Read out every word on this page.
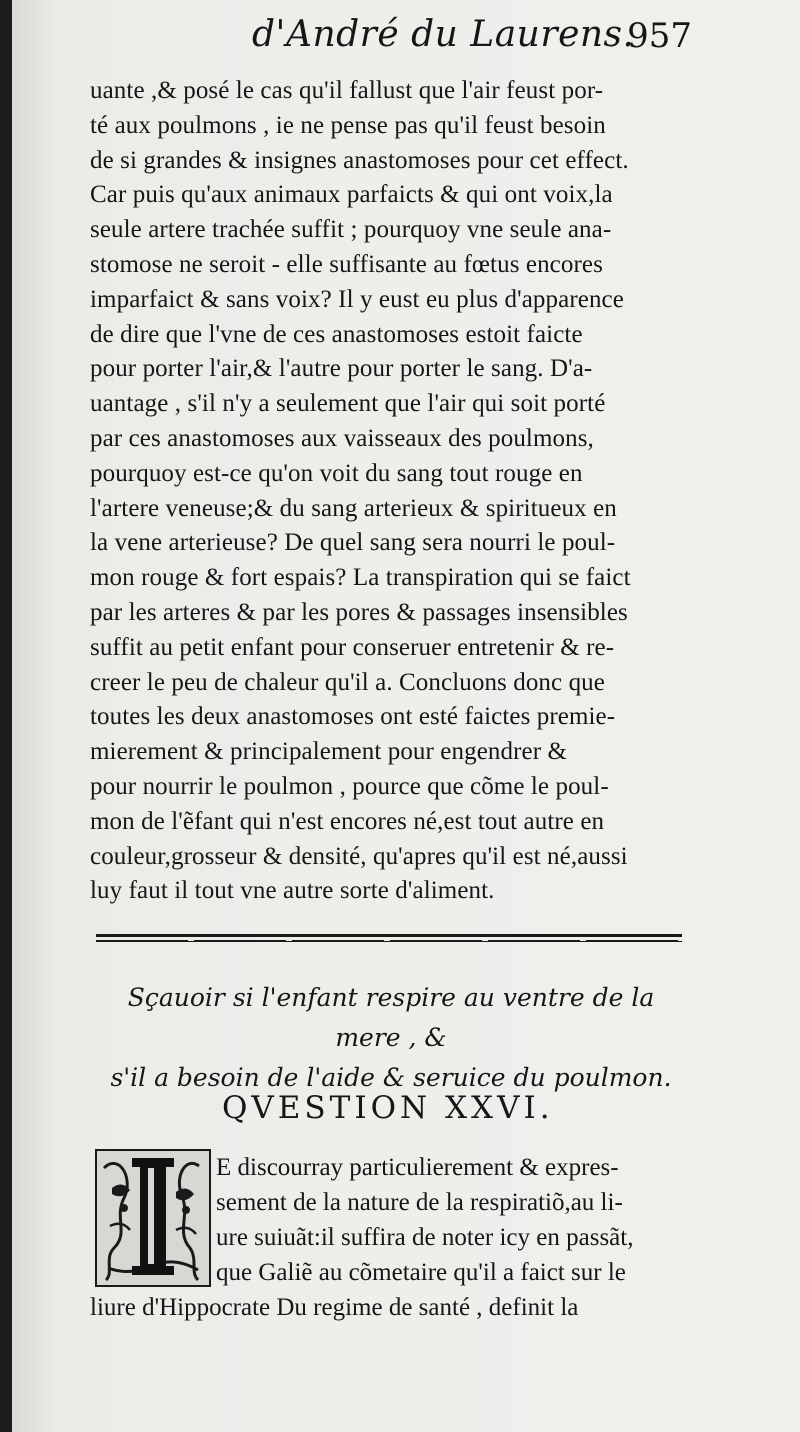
d'André du Laurens.
957
uante ,& posé le cas qu'il fallust que l'air feust por-
té aux poulmons , ie ne pense pas qu'il feust besoin
de si grandes & insignes anastomoses pour cet effect.
Car puis qu'aux animaux parfaicts & qui ont voix,la
seule artere trachée suffit ; pourquoy vne seule ana-
stomose ne seroit - elle suffisante au fœtus encores
imparfaict & sans voix? Il y eust eu plus d'apparence
de dire que l'vne de ces anastomoses estoit faicte
pour porter l'air,& l'autre pour porter le sang. D'a-
uantage , s'il n'y a seulement que l'air qui soit porté
par ces anastomoses aux vaisseaux des poulmons,
pourquoy est-ce qu'on voit du sang tout rouge en
l'artere veneuse;& du sang arterieux & spiritueux en
la vene arterieuse? De quel sang sera nourri le poul-
mon rouge & fort espais? La transpiration qui se faict
par les arteres & par les pores & passages insensibles
suffit au petit enfant pour conseruer entretenir & re-
creer le peu de chaleur qu'il a. Concluons donc que
toutes les deux anastomoses ont esté faictes premie-
mierement & principalement pour engendrer &
pour nourrir le poulmon , pource que cõme le poul-
mon de l'ẽfant qui n'est encores né,est tout autre en
couleur,grosseur & densité, qu'apres qu'il est né,aussi
luy faut il tout vne autre sorte d'aliment.
Sçauoir si l'enfant respire au ventre de la mere , &
s'il a besoin de l'aide & seruice du poulmon.
QVESTION XXVI.
E discourray particulierement & expres-
sement de la nature de la respiratiõ,au li-
ure suiuãt:il suffira de noter icy en passãt,
que Galiẽ au cõmetaire qu'il a faict sur le
liure d'Hippocrate Du regime de santé , definit la
